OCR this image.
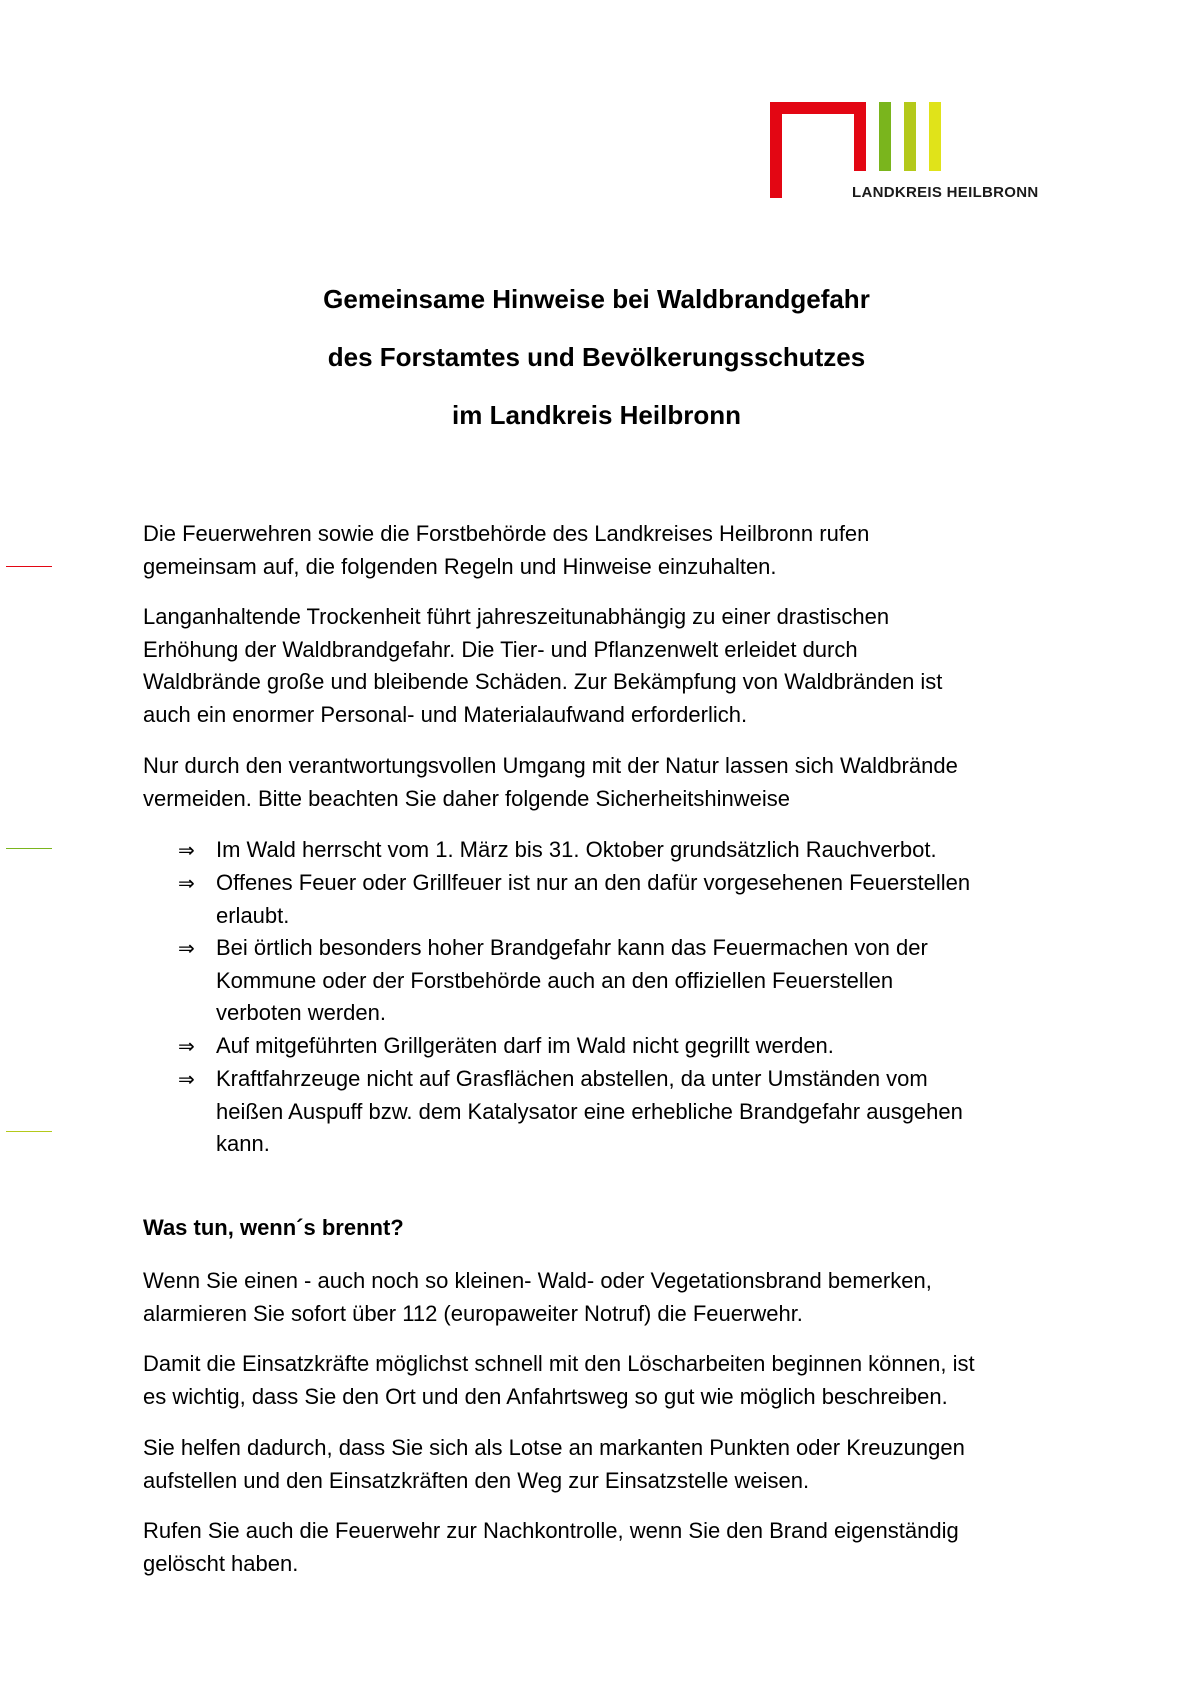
LANDKREIS HEILBRONN
Gemeinsame Hinweise bei Waldbrandgefahr
des Forstamtes und Bevölkerungsschutzes
im Landkreis Heilbronn
Die Feuerwehren sowie die Forstbehörde des Landkreises Heilbronn rufen
gemeinsam auf, die folgenden Regeln und Hinweise einzuhalten.
Langanhaltende Trockenheit führt jahreszeitunabhängig zu einer drastischen
Erhöhung der Waldbrandgefahr. Die Tier- und Pflanzenwelt erleidet durch
Waldbrände große und bleibende Schäden. Zur Bekämpfung von Waldbränden ist
auch ein enormer Personal- und Materialaufwand erforderlich.
Nur durch den verantwortungsvollen Umgang mit der Natur lassen sich Waldbrände
vermeiden. Bitte beachten Sie daher folgende Sicherheitshinweise
⇒ Im Wald herrscht vom 1. März bis 31. Oktober grundsätzlich Rauchverbot.
⇒ Offenes Feuer oder Grillfeuer ist nur an den dafür vorgesehenen Feuerstellen
erlaubt.
⇒ Bei örtlich besonders hoher Brandgefahr kann das Feuermachen von der
Kommune oder der Forstbehörde auch an den offiziellen Feuerstellen
verboten werden.
⇒ Auf mitgeführten Grillgeräten darf im Wald nicht gegrillt werden.
⇒ Kraftfahrzeuge nicht auf Grasflächen abstellen, da unter Umständen vom
heißen Auspuff bzw. dem Katalysator eine erhebliche Brandgefahr ausgehen
kann.
Was tun, wenn´s brennt?
Wenn Sie einen - auch noch so kleinen- Wald- oder Vegetationsbrand bemerken,
alarmieren Sie sofort über 112 (europaweiter Notruf) die Feuerwehr.
Damit die Einsatzkräfte möglichst schnell mit den Löscharbeiten beginnen können, ist
es wichtig, dass Sie den Ort und den Anfahrtsweg so gut wie möglich beschreiben.
Sie helfen dadurch, dass Sie sich als Lotse an markanten Punkten oder Kreuzungen
aufstellen und den Einsatzkräften den Weg zur Einsatzstelle weisen.
Rufen Sie auch die Feuerwehr zur Nachkontrolle, wenn Sie den Brand eigenständig
gelöscht haben.
